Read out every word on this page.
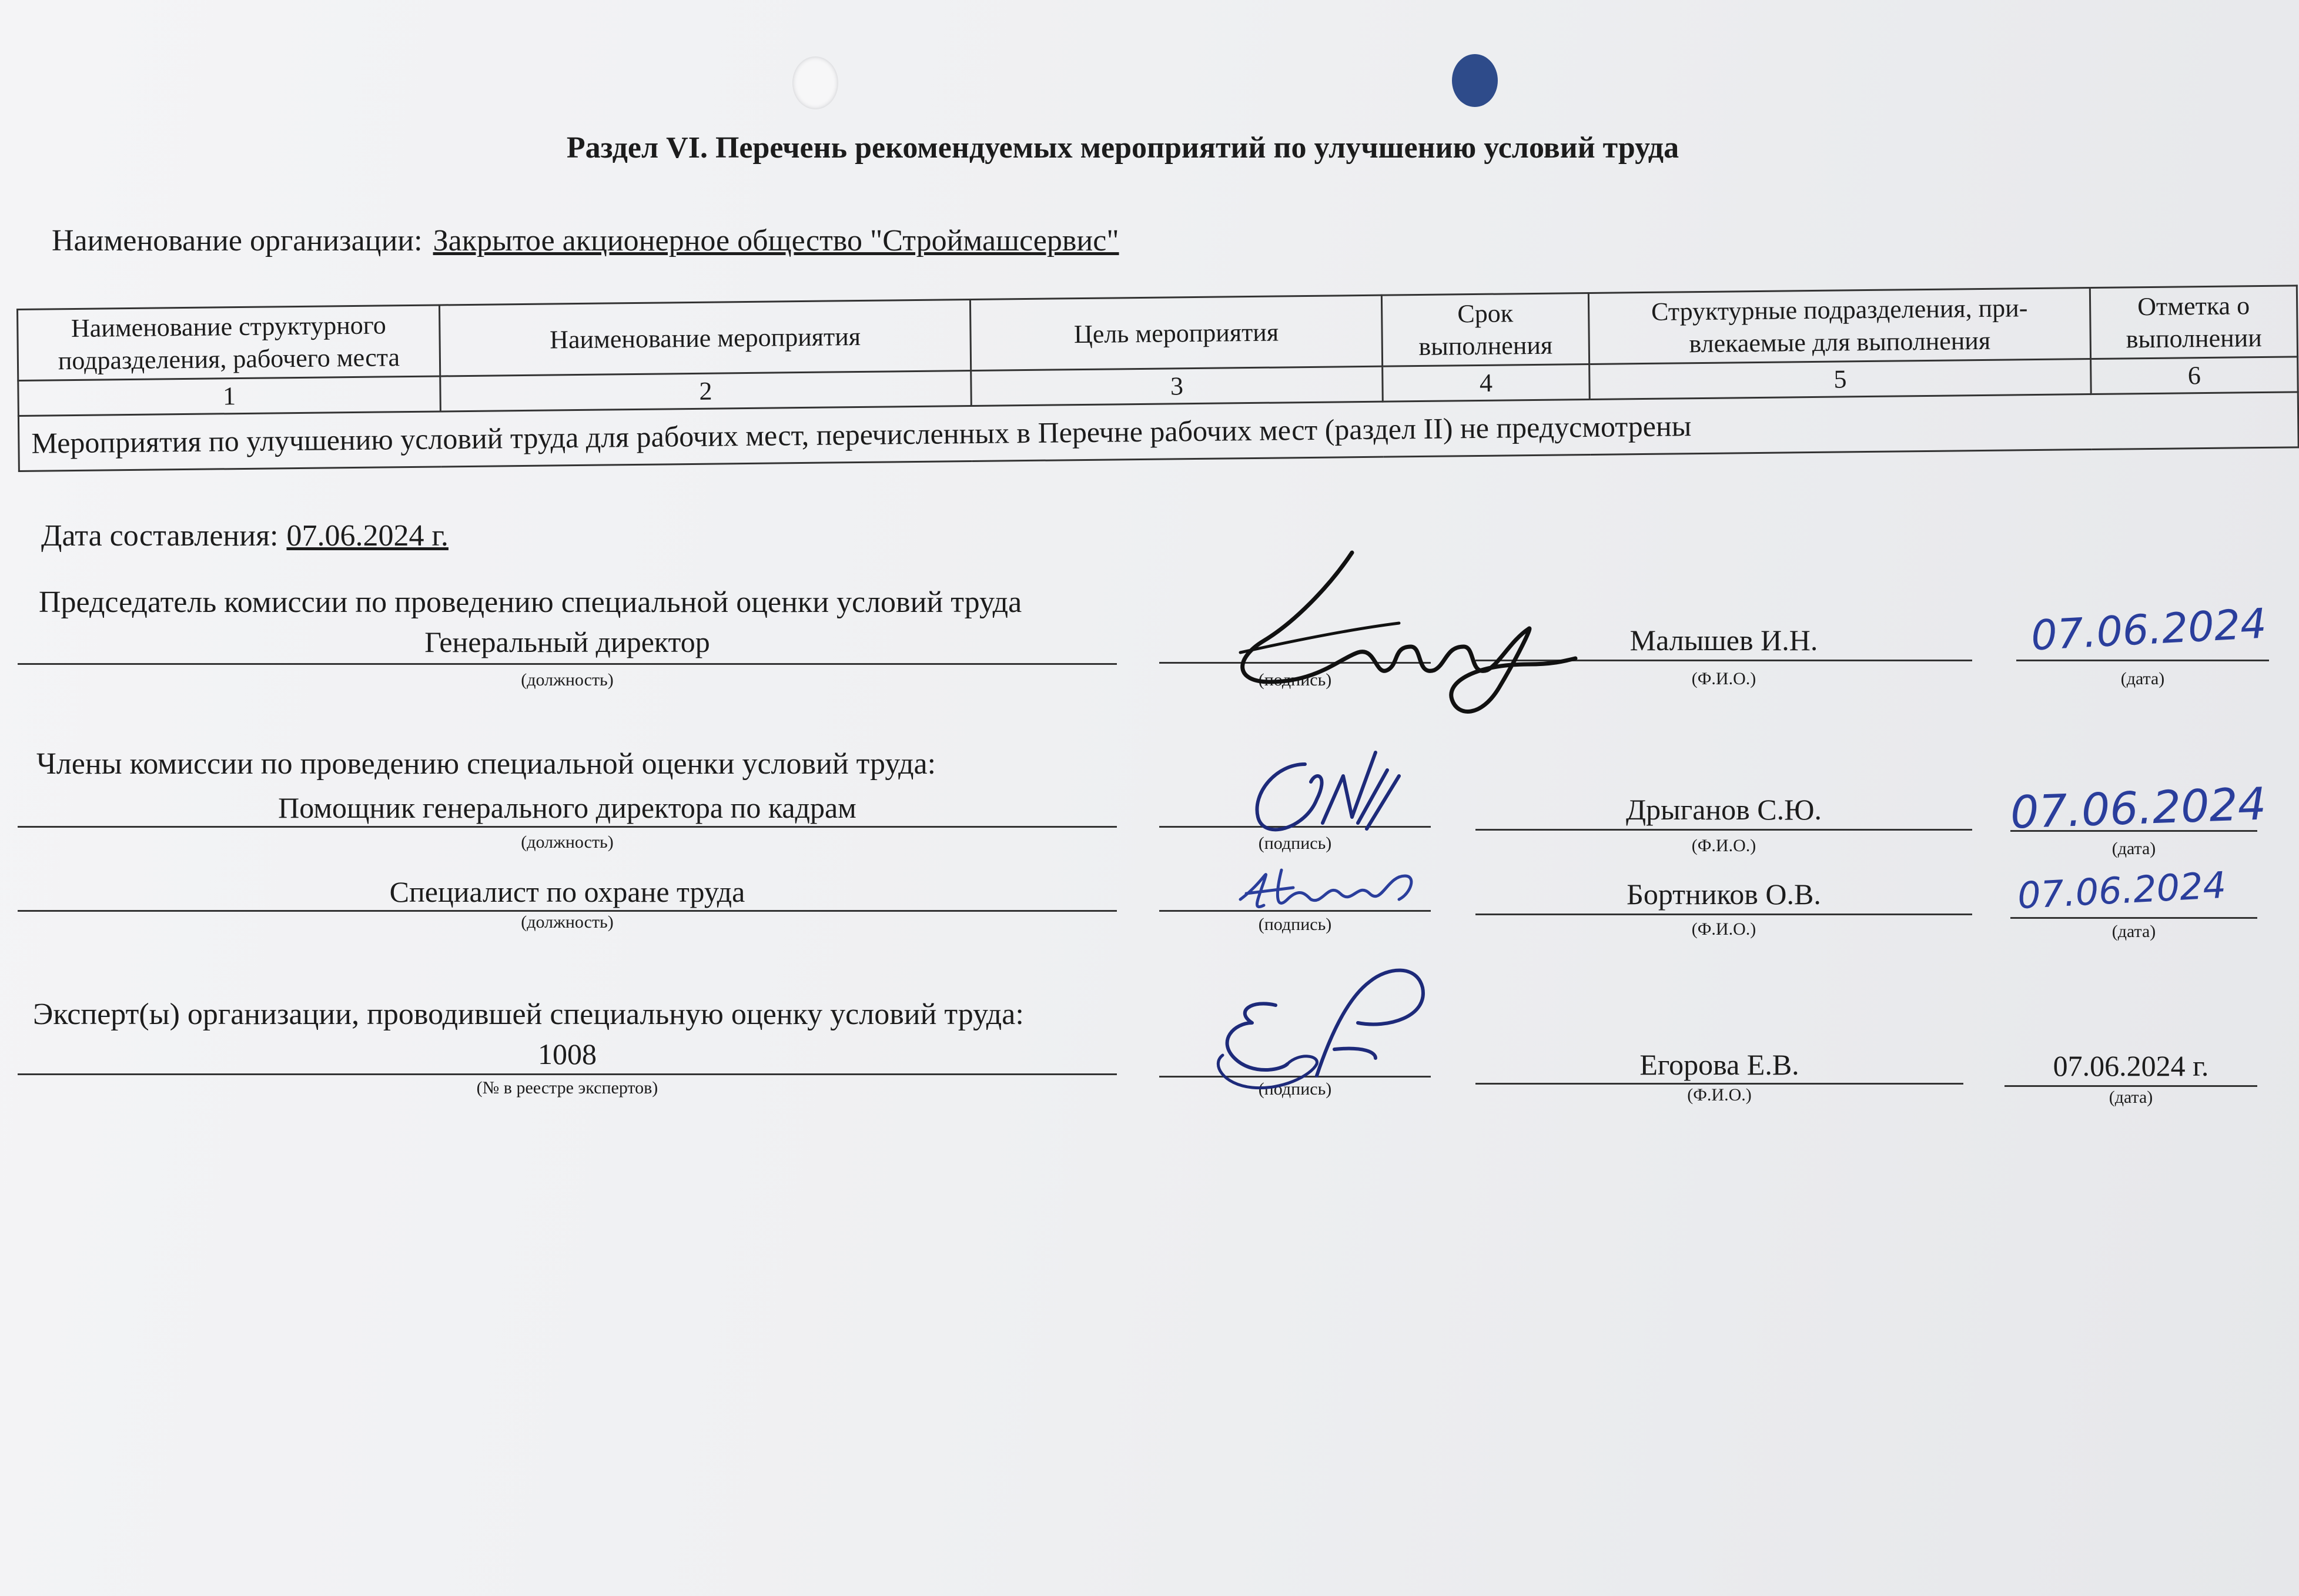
Раздел VI. Перечень рекомендуемых мероприятий по улучшению условий труда
Наименование организации: Закрытое акционерное общество "Строймашсервис"
Наименование структурного подразделения, рабочего места	Наименование мероприятия	Цель мероприятия	Срок выполнения	Структурные подразделения, при-влекаемые для выполнения	Отметка о выполнении
1	2	3	4	5	6
Мероприятия по улучшению условий труда для рабочих мест, перечисленных в Перечне рабочих мест (раздел II) не предусмотрены					
Дата составления: 07.06.2024 г.
Председатель комиссии по проведению специальной оценки условий труда
Генеральный директор
(должность)	(подпись)
Малышев И.Н.
(Ф.И.О.)
07.06.2024
(дата)
Члены комиссии по проведению специальной оценки условий труда:
Помощник генерального директора по кадрам
(должность)	(подпись)
Дрыганов С.Ю.
(Ф.И.О.)
07.06.2024
(дата)
Специалист по охране труда
(должность)	(подпись)
Бортников О.В.
(Ф.И.О.)
07.06.2024
(дата)
Эксперт(ы) организации, проводившей специальную оценку условий труда:
1008
(№ в реестре экспертов)	(подпись)
Егорова Е.В.
(Ф.И.О.)
07.06.2024 г.
(дата)
